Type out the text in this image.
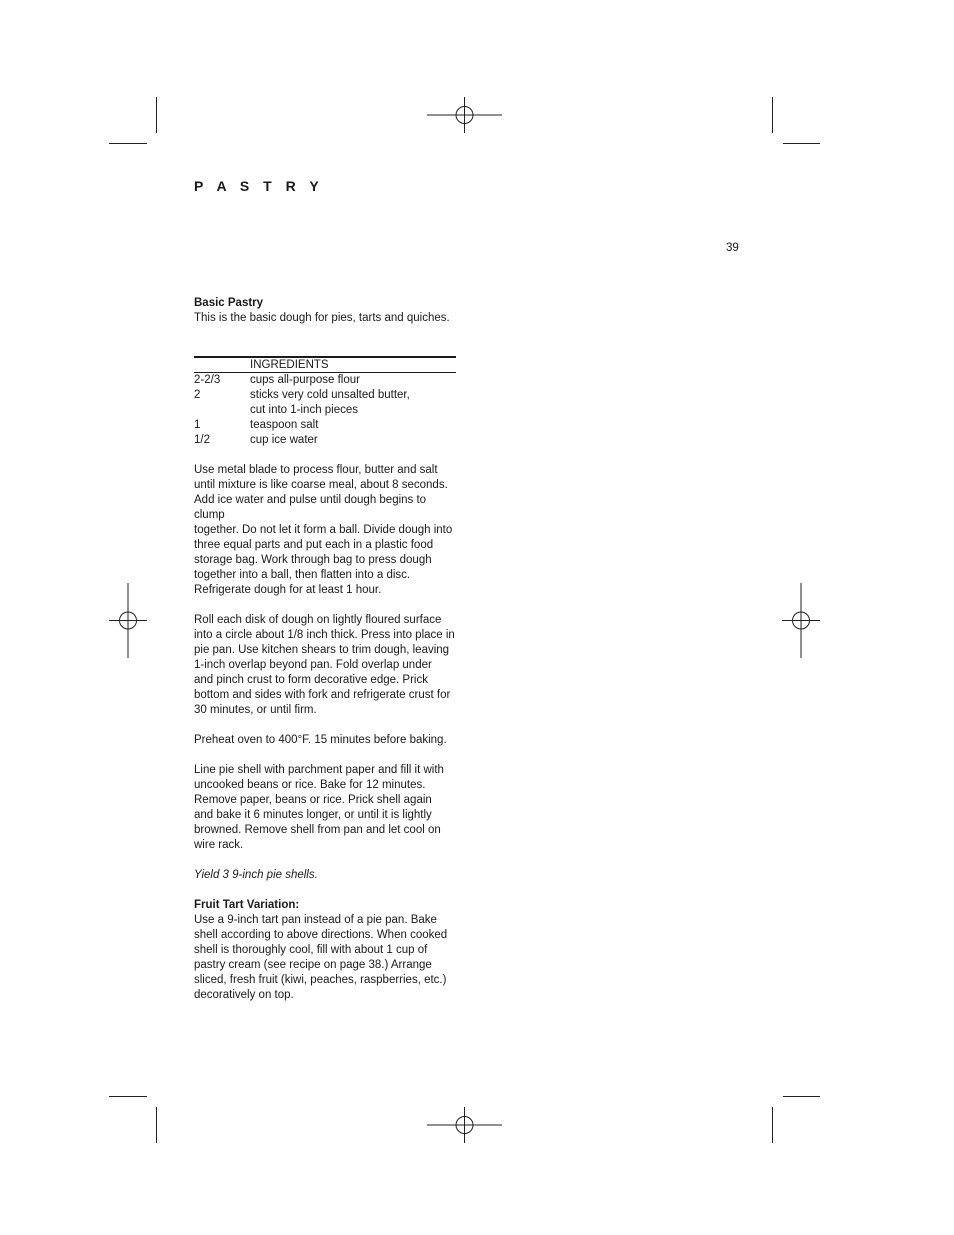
P A S T R Y
39

Basic Pastry

This is the basic dough for pies, tarts and quiches.

INGREDIENTS
2-2/3	cups all-purpose flour
2	sticks very cold unsalted butter,
cut into 1-inch pieces
1	teaspoon salt
1/2	cup ice water
Use metal blade to process flour, butter and salt
until mixture is like coarse meal, about 8 seconds.
Add ice water and pulse until dough begins to clump
together. Do not let it form a ball. Divide dough into
three equal parts and put each in a plastic food
storage bag. Work through bag to press dough
together into a ball, then flatten into a disc.
Refrigerate dough for at least 1 hour.
Roll each disk of dough on lightly floured surface
into a circle about 1/8 inch thick. Press into place in
pie pan. Use kitchen shears to trim dough, leaving
1-inch overlap beyond pan. Fold overlap under
and pinch crust to form decorative edge. Prick
bottom and sides with fork and refrigerate crust for
30 minutes, or until firm.
Preheat oven to 400°F. 15 minutes before baking.
Line pie shell with parchment paper and fill it with
uncooked beans or rice. Bake for 12 minutes.
Remove paper, beans or rice. Prick shell again
and bake it 6 minutes longer, or until it is lightly
browned. Remove shell from pan and let cool on
wire rack.

Yield 3 9-inch pie shells.

Fruit Tart Variation:

Use a 9-inch tart pan instead of a pie pan. Bake
shell according to above directions. When cooked
shell is thoroughly cool, fill with about 1 cup of
pastry cream (see recipe on page 38.) Arrange
sliced, fresh fruit (kiwi, peaches, raspberries, etc.)
decoratively on top.
